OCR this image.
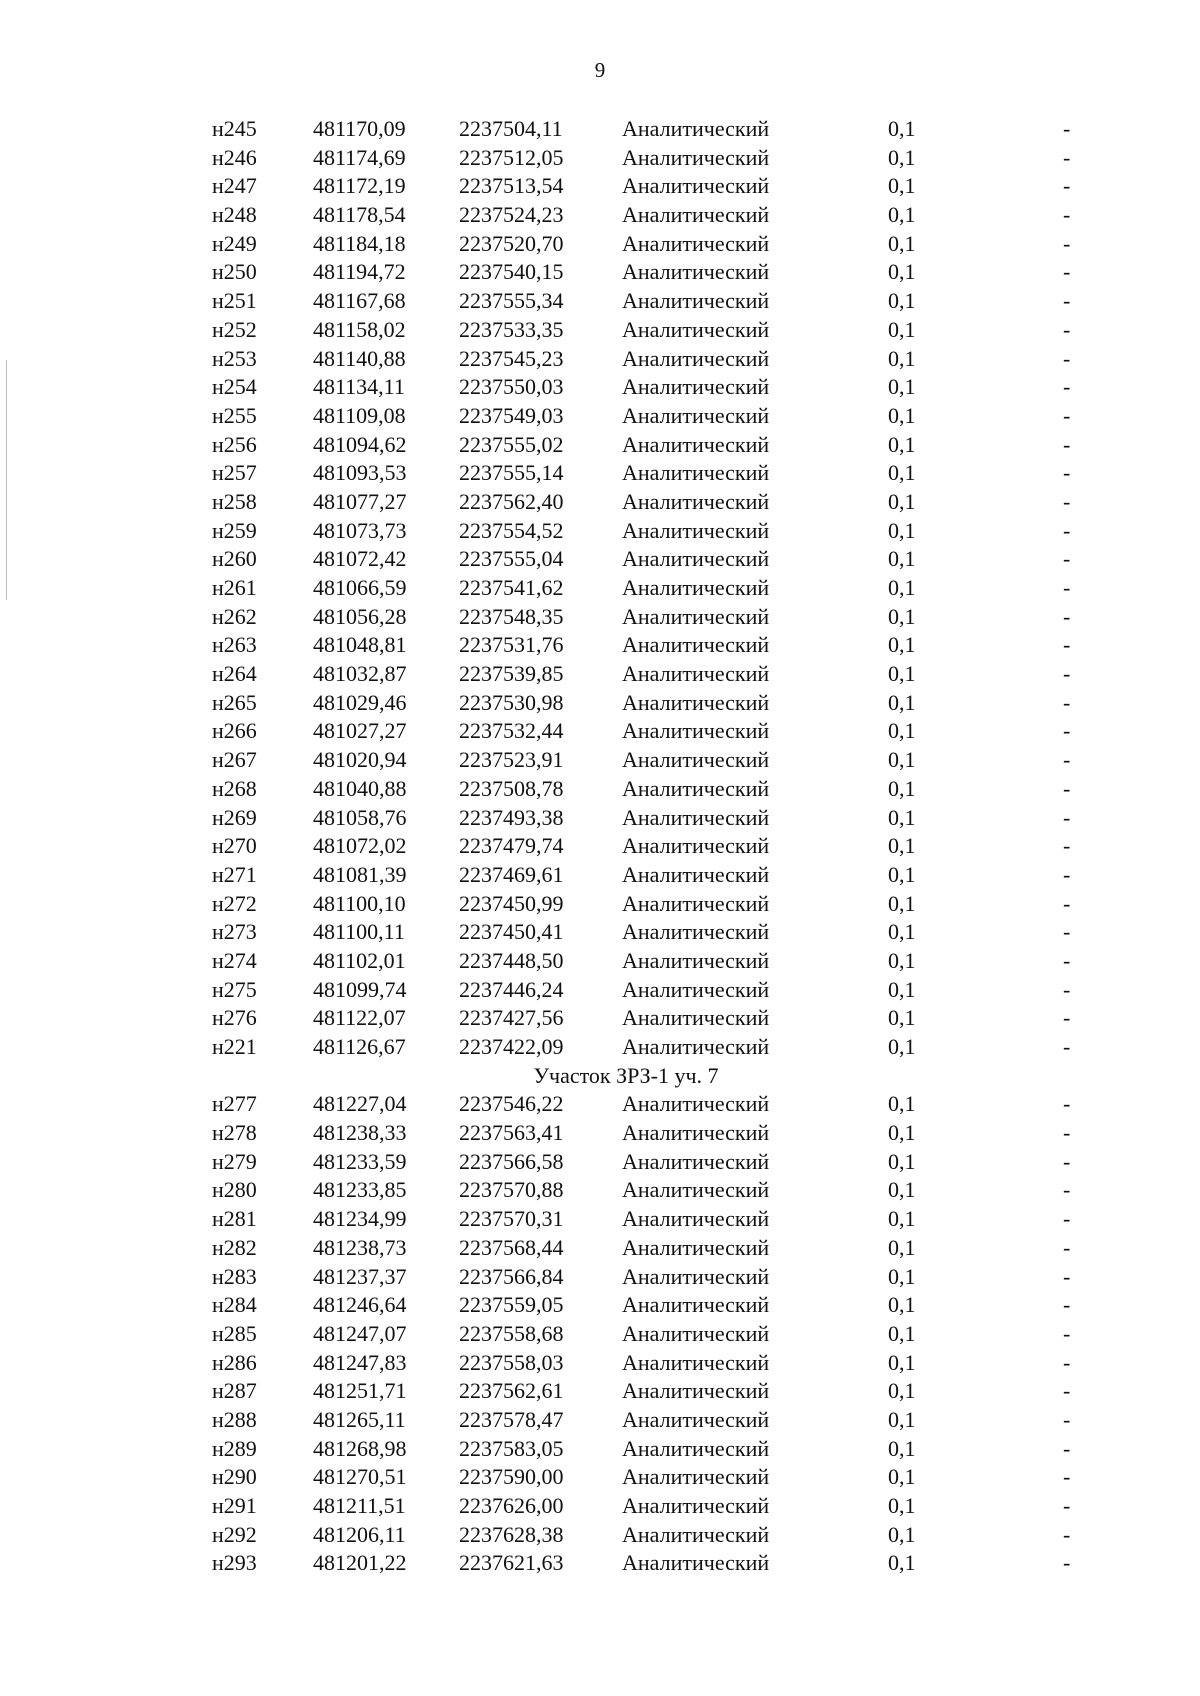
9
н245	481170,09 2237504,11	Аналитический	0,1	-
н246	481174,69 2237512,05	Аналитический	0,1	-
н247	481172,19 2237513,54	Аналитический	0,1	-
н248	481178,54 2237524,23	Аналитический	0,1	-
н249	481184,18 2237520,70	Аналитический	0,1	-
н250	481194,72 2237540,15	Аналитический	0,1	-
н251	481167,68 2237555,34	Аналитический	0,1	-
н252	481158,02 2237533,35	Аналитический	0,1	-
н253	481140,88 2237545,23	Аналитический	0,1	-
н254	481134,11 2237550,03	Аналитический	0,1	-
н255	481109,08 2237549,03	Аналитический	0,1	-
н256	481094,62 2237555,02	Аналитический	0,1	-
н257	481093,53 2237555,14	Аналитический	0,1	-
н258	481077,27 2237562,40	Аналитический	0,1	-
н259	481073,73 2237554,52	Аналитический	0,1	-
н260	481072,42 2237555,04	Аналитический	0,1	-
н261	481066,59 2237541,62	Аналитический	0,1	-
н262	481056,28 2237548,35	Аналитический	0,1	-
н263	481048,81 2237531,76	Аналитический	0,1	-
н264	481032,87 2237539,85	Аналитический	0,1	-
н265	481029,46 2237530,98	Аналитический	0,1	-
н266	481027,27 2237532,44	Аналитический	0,1	-
н267	481020,94 2237523,91	Аналитический	0,1	-
н268	481040,88 2237508,78	Аналитический	0,1	-
н269	481058,76 2237493,38	Аналитический	0,1	-
н270	481072,02 2237479,74	Аналитический	0,1	-
н271	481081,39 2237469,61	Аналитический	0,1	-
н272	481100,10 2237450,99	Аналитический	0,1	-
н273	481100,11 2237450,41	Аналитический	0,1	-
н274	481102,01 2237448,50	Аналитический	0,1	-
н275	481099,74 2237446,24	Аналитический	0,1	-
н276	481122,07 2237427,56	Аналитический	0,1	-
н221	481126,67 2237422,09	Аналитический	0,1	-
Участок ЗРЗ-1 уч. 7
н277	481227,04 2237546,22	Аналитический	0,1	-
н278	481238,33 2237563,41	Аналитический	0,1	-
н279	481233,59 2237566,58	Аналитический	0,1	-
н280	481233,85 2237570,88	Аналитический	0,1	-
н281	481234,99 2237570,31	Аналитический	0,1	-
н282	481238,73 2237568,44	Аналитический	0,1	-
н283	481237,37 2237566,84	Аналитический	0,1	-
н284	481246,64 2237559,05	Аналитический	0,1	-
н285	481247,07 2237558,68	Аналитический	0,1	-
н286	481247,83 2237558,03	Аналитический	0,1	-
н287	481251,71 2237562,61	Аналитический	0,1	-
н288	481265,11 2237578,47	Аналитический	0,1	-
н289	481268,98 2237583,05	Аналитический	0,1	-
н290	481270,51 2237590,00	Аналитический	0,1	-
н291	481211,51 2237626,00	Аналитический	0,1	-
н292	481206,11 2237628,38	Аналитический	0,1	-
н293	481201,22 2237621,63	Аналитический	0,1	-
